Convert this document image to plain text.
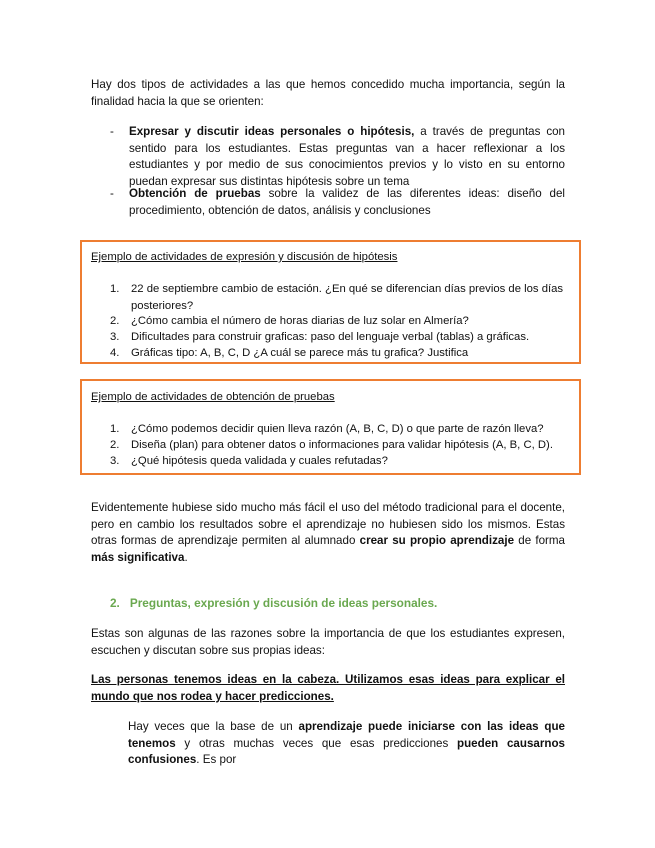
Hay dos tipos de actividades a las que hemos concedido mucha importancia, según la finalidad hacia la que se orienten:

- Expresar y discutir ideas personales o hipótesis, a través de preguntas con sentido para los estudiantes. Estas preguntas van a hacer reflexionar a los estudiantes y por medio de sus conocimientos previos y lo visto en su entorno puedan expresar sus distintas hipótesis sobre un tema
- Obtención de pruebas sobre la validez de las diferentes ideas: diseño del procedimiento, obtención de datos, análisis y conclusiones
Ejemplo de actividades de expresión y discusión de hipótesis
1. 22 de septiembre cambio de estación. ¿En qué se diferencian días previos de los días posteriores?
2. ¿Cómo cambia el número de horas diarias de luz solar en Almería?
3. Dificultades para construir graficas: paso del lenguaje verbal (tablas) a gráficas.
4. Gráficas tipo: A, B, C, D ¿A cuál se parece más tu grafica? Justifica
Ejemplo de actividades de obtención de pruebas
1. ¿Cómo podemos decidir quien lleva razón (A, B, C, D) o que parte de razón lleva?
2. Diseña (plan) para obtener datos o informaciones para validar hipótesis (A, B, C, D).
3. ¿Qué hipótesis queda validada y cuales refutadas?

Evidentemente hubiese sido mucho más fácil el uso del método tradicional para el docente, pero en cambio los resultados sobre el aprendizaje no hubiesen sido los mismos. Estas otras formas de aprendizaje permiten al alumnado crear su propio aprendizaje de forma más significativa.

2. Preguntas, expresión y discusión de ideas personales.

Estas son algunas de las razones sobre la importancia de que los estudiantes expresen, escuchen y discutan sobre sus propias ideas:

Las personas tenemos ideas en la cabeza. Utilizamos esas ideas para explicar el mundo que nos rodea y hacer predicciones.

Hay veces que la base de un aprendizaje puede iniciarse con las ideas que tenemos y otras muchas veces que esas predicciones pueden causarnos confusiones. Es por
